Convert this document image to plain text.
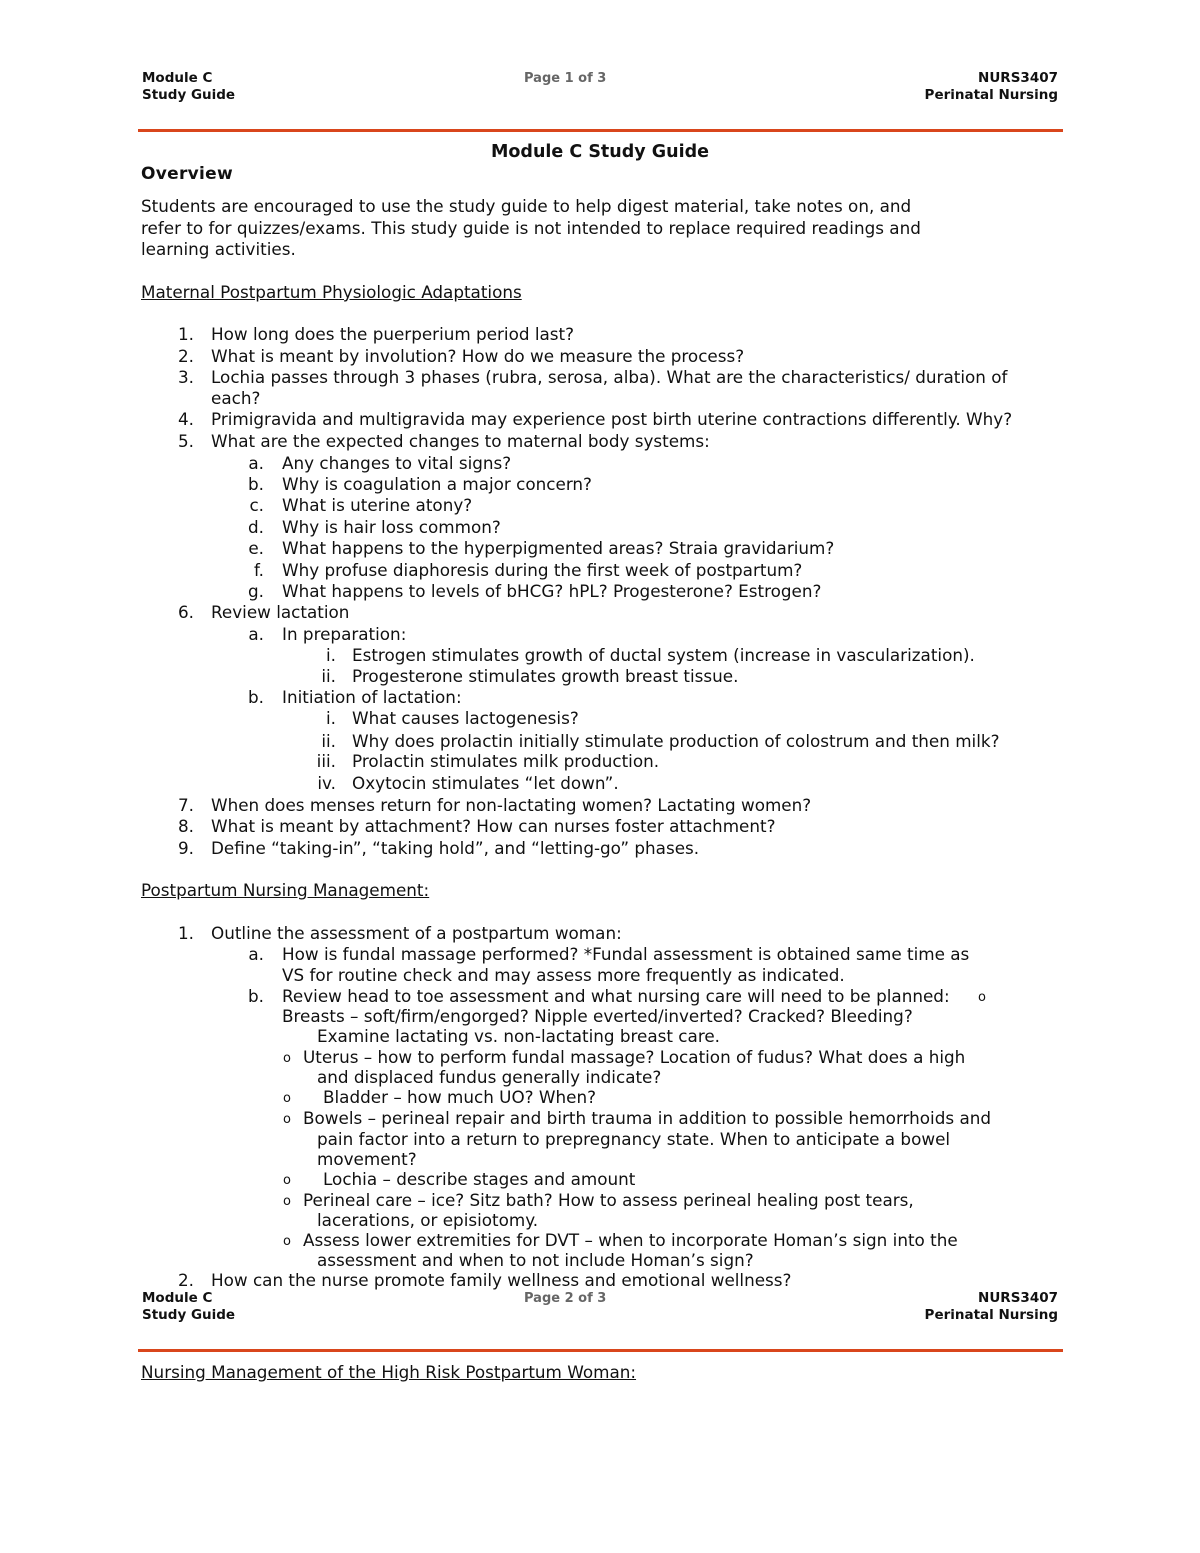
Module C
Study Guide
Page 1 of 3	NURS3407
Perinatal Nursing
Module C Study Guide
Overview
Students are encouraged to use the study guide to help digest material, take notes on, and
refer to for quizzes/exams. This study guide is not intended to replace required readings and
learning activities.
Maternal Postpartum Physiologic Adaptations
1. How long does the puerperium period last?
2. What is meant by involution? How do we measure the process?
3. Lochia passes through 3 phases (rubra, serosa, alba). What are the characteristics/ duration of
each?
4. Primigravida and multigravida may experience post birth uterine contractions differently. Why?
5. What are the expected changes to maternal body systems:
a. Any changes to vital signs?
b. Why is coagulation a major concern?
c. What is uterine atony?
d. Why is hair loss common?
e. What happens to the hyperpigmented areas? Straia gravidarium?
f. Why profuse diaphoresis during the first week of postpartum?
g. What happens to levels of bHCG? hPL? Progesterone? Estrogen?
6. Review lactation
a. In preparation:
i. Estrogen stimulates growth of ductal system (increase in vascularization).
ii. Progesterone stimulates growth breast tissue.
b. Initiation of lactation:
i. What causes lactogenesis?
ii. Why does prolactin initially stimulate production of colostrum and then milk?
iii. Prolactin stimulates milk production.
iv. Oxytocin stimulates “let down”.
7. When does menses return for non-lactating women? Lactating women?
8. What is meant by attachment? How can nurses foster attachment?
9. Define “taking-in”, “taking hold”, and “letting-go” phases.
Postpartum Nursing Management:
1. Outline the assessment of a postpartum woman:
a. How is fundal massage performed? *Fundal assessment is obtained same time as
VS for routine check and may assess more frequently as indicated.
b. Review head to toe assessment and what nursing care will need to be planned: o
Breasts – soft/firm/engorged? Nipple everted/inverted? Cracked? Bleeding?
Examine lactating vs. non-lactating breast care.
o Uterus – how to perform fundal massage? Location of fudus? What does a high
and displaced fundus generally indicate?
o Bladder – how much UO? When?
o Bowels – perineal repair and birth trauma in addition to possible hemorrhoids and
pain factor into a return to prepregnancy state. When to anticipate a bowel
movement?
o Lochia – describe stages and amount
o Perineal care – ice? Sitz bath? How to assess perineal healing post tears,
lacerations, or episiotomy.
o Assess lower extremities for DVT – when to incorporate Homan’s sign into the
assessment and when to not include Homan’s sign?
2. How can the nurse promote family wellness and emotional wellness?
Module C
Study Guide
Page 2 of 3	NURS3407
Perinatal Nursing
Nursing Management of the High Risk Postpartum Woman:
